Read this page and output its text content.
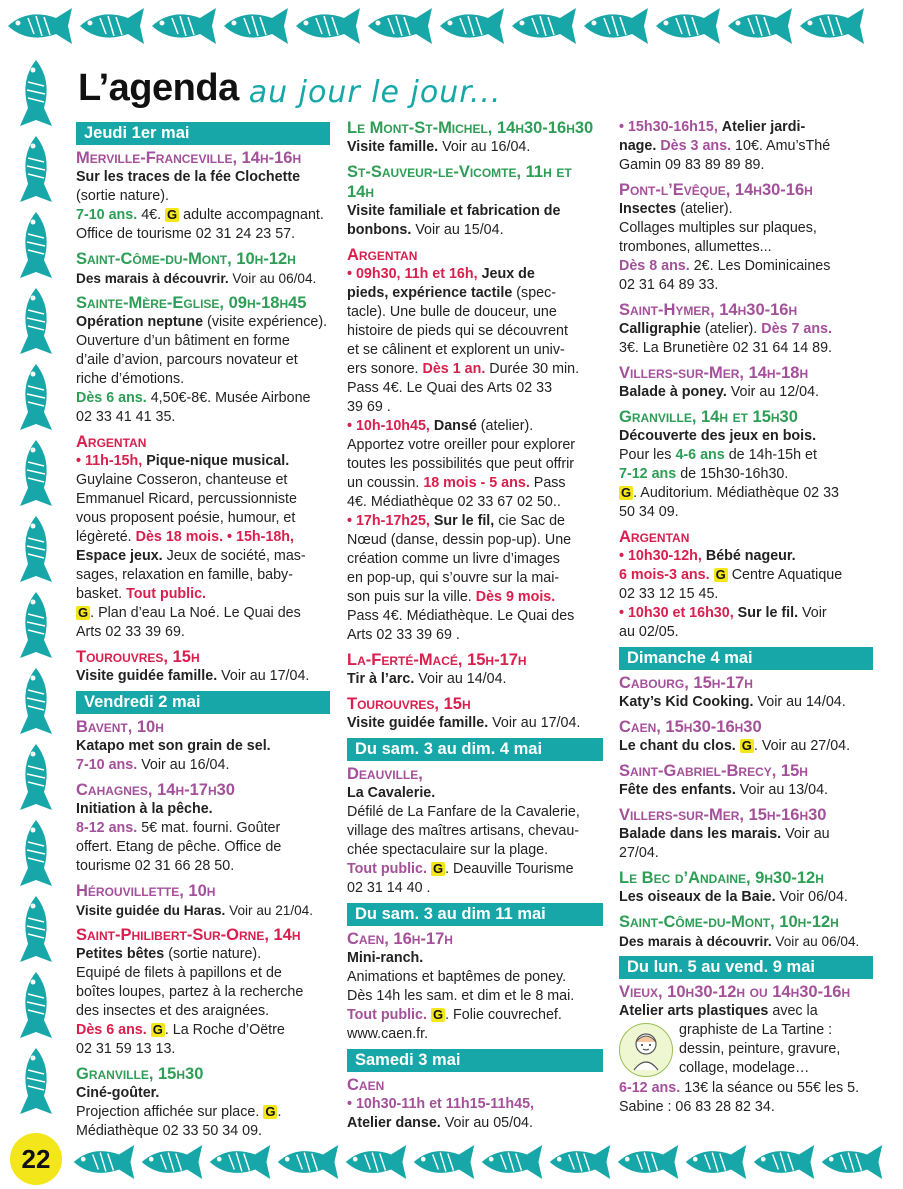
L’agenda au jour le jour...
Jeudi 1er mai
Merville-Franceville, 14h-16h
Sur les traces de la fée Clochette
(sortie nature).
7-10 ans. 4€. G adulte accompagnant.
Office de tourisme 02 31 24 23 57.
Saint-Côme-du-Mont, 10h-12h
Des marais à découvrir. Voir au 06/04.
Sainte-Mère-Eglise, 09h-18h45
Opération neptune (visite expérience).
Ouverture d’un bâtiment en forme
d’aile d’avion, parcours novateur et
riche d’émotions.
Dès 6 ans. 4,50€-8€. Musée Airbone
02 33 41 41 35.
Argentan
• 11h-15h, Pique-nique musical.
Guylaine Cosseron, chanteuse et
Emmanuel Ricard, percussionniste
vous proposent poésie, humour, et
légèreté. Dès 18 mois. • 15h-18h,
Espace jeux. Jeux de société, mas-
sages, relaxation en famille, baby-
basket. Tout public.
G . Plan d’eau La Noé. Le Quai des
Arts 02 33 39 69.
Tourouvres, 15h
Visite guidée famille. Voir au 17/04.
Vendredi 2 mai
Bavent, 10h
Katapo met son grain de sel.
7-10 ans. Voir au 16/04.
Cahagnes, 14h-17h30
Initiation à la pêche.
8-12 ans. 5€ mat. fourni. Goûter
offert. Etang de pêche. Office de
tourisme 02 31 66 28 50.
Hérouvillette, 10h
Visite guidée du Haras. Voir au 21/04.
Saint-Philibert-Sur-Orne, 14h
Petites bêtes (sortie nature).
Equipé de filets à papillons et de
boîtes loupes, partez à la recherche
des insectes et des araignées.
Dès 6 ans. G . La Roche d’Oëtre
02 31 59 13 13.
Granville, 15h30
Ciné-goûter.
Projection affichée sur place. G .
Médiathèque 02 33 50 34 09.
Le Mont-St-Michel, 14h30-16h30
Visite famille. Voir au 16/04.
St-Sauveur-le-Vicomte, 11h et 14h
Visite familiale et fabrication de
bonbons. Voir au 15/04.
Argentan
• 09h30, 11h et 16h, Jeux de
pieds, expérience tactile (spec-
tacle). Une bulle de douceur, une
histoire de pieds qui se découvrent
et se câlinent et explorent un univ-
ers sonore. Dès 1 an. Durée 30 min.
Pass 4€. Le Quai des Arts 02 33
39 69 .
• 10h-10h45, Dansé (atelier).
Apportez votre oreiller pour explorer
toutes les possibilités que peut offrir
un coussin. 18 mois - 5 ans. Pass
4€. Médiathèque 02 33 67 02 50..
• 17h-17h25, Sur le fil, cie Sac de
Nœud (danse, dessin pop-up). Une
création comme un livre d’images
en pop-up, qui s’ouvre sur la mai-
son puis sur la ville. Dès 9 mois.
Pass 4€. Médiathèque. Le Quai des
Arts 02 33 39 69 .
La-Ferté-Macé, 15h-17h
Tir à l’arc. Voir au 14/04.
Tourouvres, 15h
Visite guidée famille. Voir au 17/04.
Du sam. 3 au dim. 4 mai
Deauville,
La Cavalerie.
Défilé de La Fanfare de la Cavalerie,
village des maîtres artisans, chevau-
chée spectaculaire sur la plage.
Tout public. G . Deauville Tourisme
02 31 14 40 .
Du sam. 3 au dim 11 mai
Caen, 16h-17h
Mini-ranch.
Animations et baptêmes de poney.
Dès 14h les sam. et dim et le 8 mai.
Tout public. G . Folie couvrechef.
www.caen.fr.
Samedi 3 mai
Caen
• 10h30-11h et 11h15-11h45,
Atelier danse. Voir au 05/04.
• 15h30-16h15, Atelier jardi-
nage. Dès 3 ans. 10€. Amu’sThé
Gamin 09 83 89 89 89.
Pont-l’Evêque, 14h30-16h
Insectes (atelier).
Collages multiples sur plaques,
trombones, allumettes...
Dès 8 ans. 2€. Les Dominicaines
02 31 64 89 33.
Saint-Hymer, 14h30-16h
Calligraphie (atelier). Dès 7 ans.
3€. La Brunetière 02 31 64 14 89.
Villers-sur-Mer, 14h-18h
Balade à poney. Voir au 12/04.
Granville, 14h et 15h30
Découverte des jeux en bois.
Pour les 4-6 ans de 14h-15h et
7-12 ans de 15h30-16h30.
G . Auditorium. Médiathèque 02 33
50 34 09.
Argentan
• 10h30-12h, Bébé nageur.
6 mois-3 ans. G Centre Aquatique
02 33 12 15 45.
• 10h30 et 16h30, Sur le fil. Voir
au 02/05.
Dimanche 4 mai
Cabourg, 15h-17h
Katy’s Kid Cooking. Voir au 14/04.
Caen, 15h30-16h30
Le chant du clos. G . Voir au 27/04.
Saint-Gabriel-Brecy, 15h
Fête des enfants. Voir au 13/04.
Villers-sur-Mer, 15h-16h30
Balade dans les marais. Voir au
27/04.
Le Bec d’Andaine, 9h30-12h
Les oiseaux de la Baie. Voir 06/04.
Saint-Côme-du-Mont, 10h-12h
Des marais à découvrir. Voir au 06/04.
Du lun. 5 au vend. 9 mai
Vieux, 10h30-12h ou 14h30-16h
Atelier arts plastiques avec la
graphiste de La Tartine :
dessin, peinture, gravure,
collage, modelage…
6-12 ans. 13€ la séance ou 55€ les 5.
Sabine : 06 83 28 82 34.
22
